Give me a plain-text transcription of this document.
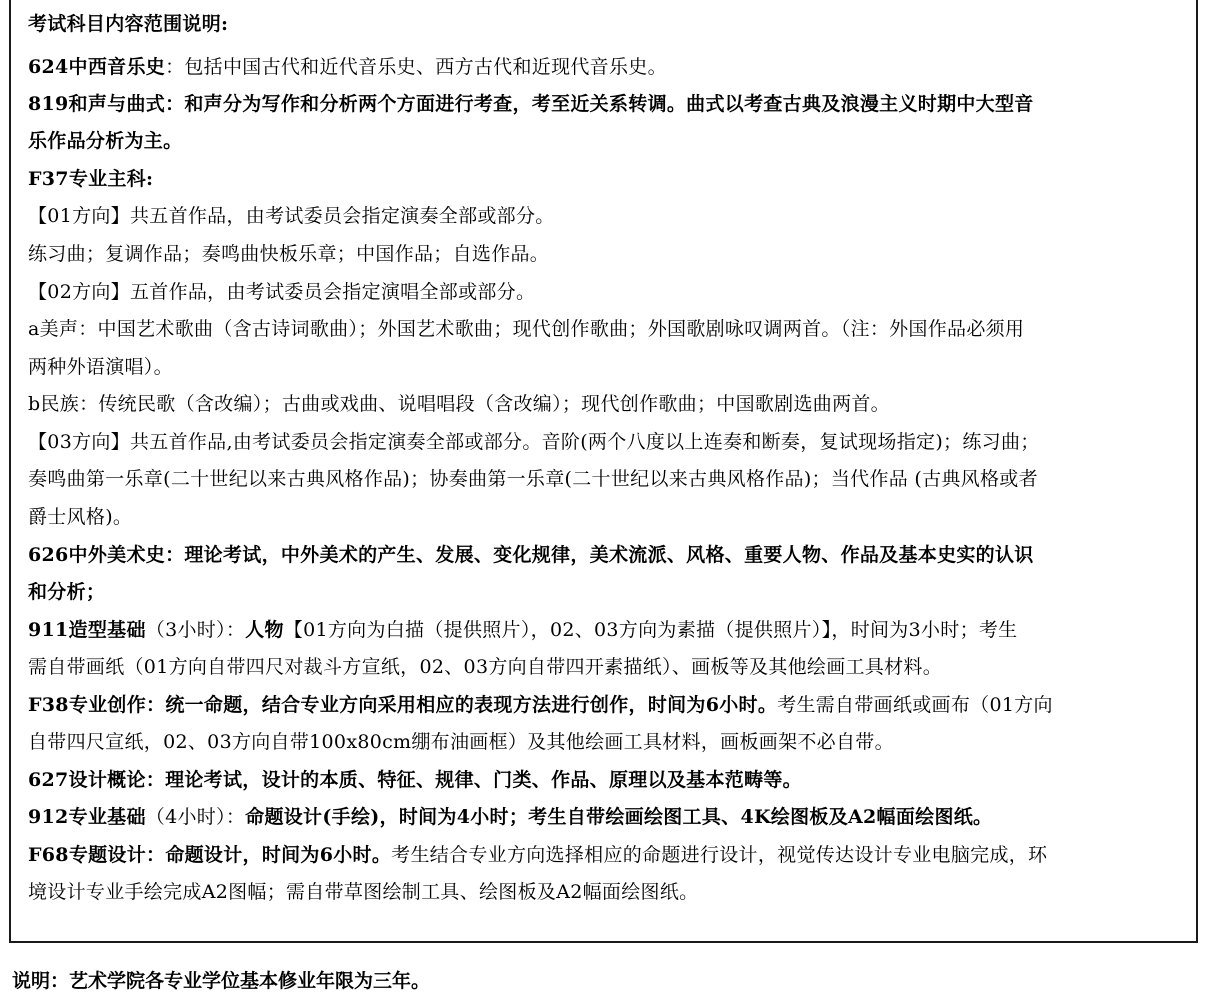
考试科目内容范围说明:
624中西音乐史：包括中国古代和近代音乐史、西方古代和近现代音乐史。
819和声与曲式：和声分为写作和分析两个方面进行考查，考至近关系转调。曲式以考查古典及浪漫主义时期中大型音
乐作品分析为主。
F37专业主科:
【01方向】共五首作品，由考试委员会指定演奏全部或部分。
练习曲；复调作品；奏鸣曲快板乐章；中国作品；自选作品。
【02方向】五首作品，由考试委员会指定演唱全部或部分。
a美声：中国艺术歌曲（含古诗词歌曲）；外国艺术歌曲；现代创作歌曲；外国歌剧咏叹调两首。（注：外国作品必须用
两种外语演唱）。
b民族：传统民歌（含改编）；古曲或戏曲、说唱唱段（含改编）；现代创作歌曲；中国歌剧选曲两首。
【03方向】共五首作品,由考试委员会指定演奏全部或部分。音阶(两个八度以上连奏和断奏，复试现场指定)；练习曲；
奏鸣曲第一乐章(二十世纪以来古典风格作品)；协奏曲第一乐章(二十世纪以来古典风格作品)；当代作品 (古典风格或者
爵士风格)。
626中外美术史：理论考试，中外美术的产生、发展、变化规律，美术流派、风格、重要人物、作品及基本史实的认识
和分析；
911造型基础（3小时）：人物【01方向为白描（提供照片），02、03方向为素描（提供照片）】，时间为3小时；考生
需自带画纸（01方向自带四尺对裁斗方宣纸，02、03方向自带四开素描纸）、画板等及其他绘画工具材料。
F38专业创作：统一命题，结合专业方向采用相应的表现方法进行创作，时间为6小时。考生需自带画纸或画布（01方向
自带四尺宣纸，02、03方向自带100x80cm绷布油画框）及其他绘画工具材料，画板画架不必自带。
627设计概论：理论考试，设计的本质、特征、规律、门类、作品、原理以及基本范畴等。
912专业基础（4小时）：命题设计(手绘)，时间为4小时；考生自带绘画绘图工具、4K绘图板及A2幅面绘图纸。
F68专题设计：命题设计，时间为6小时。考生结合专业方向选择相应的命题进行设计，视觉传达设计专业电脑完成，环
境设计专业手绘完成A2图幅；需自带草图绘制工具、绘图板及A2幅面绘图纸。
说明：艺术学院各专业学位基本修业年限为三年。
